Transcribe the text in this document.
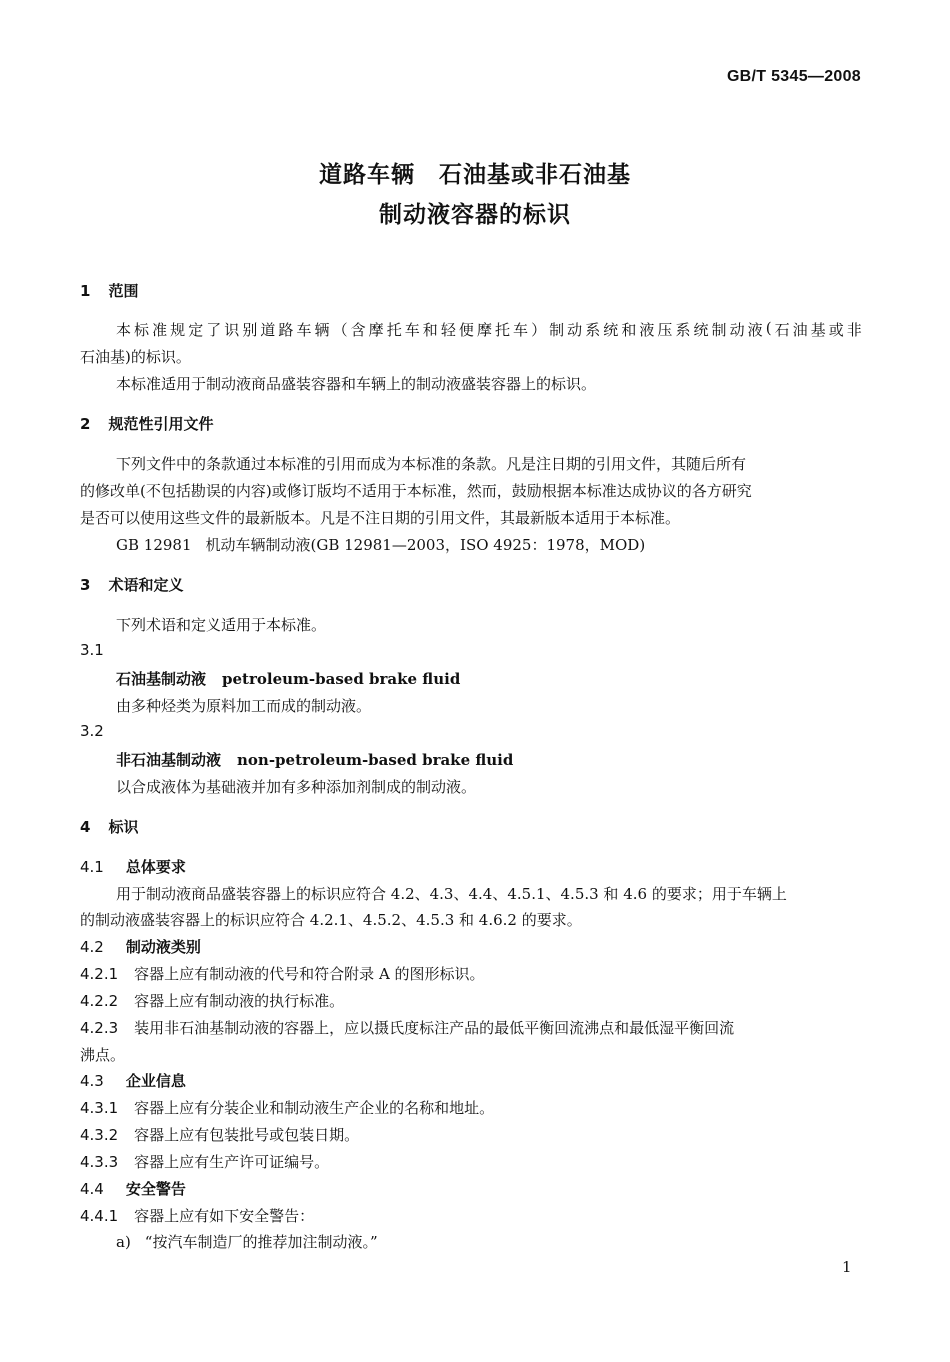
GB/T 5345—2008
道路车辆　石油基或非石油基
制动液容器的标识
1 范围
本 标 准 规 定 了 识 别 道 路 车 辆 （ 含 摩 托 车 和 轻 便 摩 托 车 ） 制 动 系 统 和 液 压 系 统 制 动 液 ( 石 油 基 或 非
石油基)的标识。
本标准适用于制动液商品盛装容器和车辆上的制动液盛装容器上的标识。
2 规范性引用文件
下列文件中的条款通过本标准的引用而成为本标准的条款。凡是注日期的引用文件，其随后所有
的修改单(不包括勘误的内容)或修订版均不适用于本标准，然而，鼓励根据本标准达成协议的各方研究
是否可以使用这些文件的最新版本。凡是不注日期的引用文件，其最新版本适用于本标准。
GB 12981 机动车辆制动液(GB 12981—2003，ISO 4925：1978，MOD)
3 术语和定义
下列术语和定义适用于本标准。
3.1
石油基制动液 petroleum-based brake fluid
由多种烃类为原料加工而成的制动液。
3.2
非石油基制动液 non-petroleum-based brake fluid
以合成液体为基础液并加有多种添加剂制成的制动液。
4 标识
4.1 总体要求
用于制动液商品盛装容器上的标识应符合 4.2、4.3、4.4、4.5.1、4.5.3 和 4.6 的要求；用于车辆上
的制动液盛装容器上的标识应符合 4.2.1、4.5.2、4.5.3 和 4.6.2 的要求。
4.2 制动液类别
4.2.1 容器上应有制动液的代号和符合附录 A 的图形标识。
4.2.2 容器上应有制动液的执行标准。
4.2.3 装用非石油基制动液的容器上，应以摄氏度标注产品的最低平衡回流沸点和最低湿平衡回流
沸点。
4.3 企业信息
4.3.1 容器上应有分装企业和制动液生产企业的名称和地址。
4.3.2 容器上应有包装批号或包装日期。
4.3.3 容器上应有生产许可证编号。
4.4 安全警告
4.4.1 容器上应有如下安全警告：
a) “按汽车制造厂的推荐加注制动液。”
1
